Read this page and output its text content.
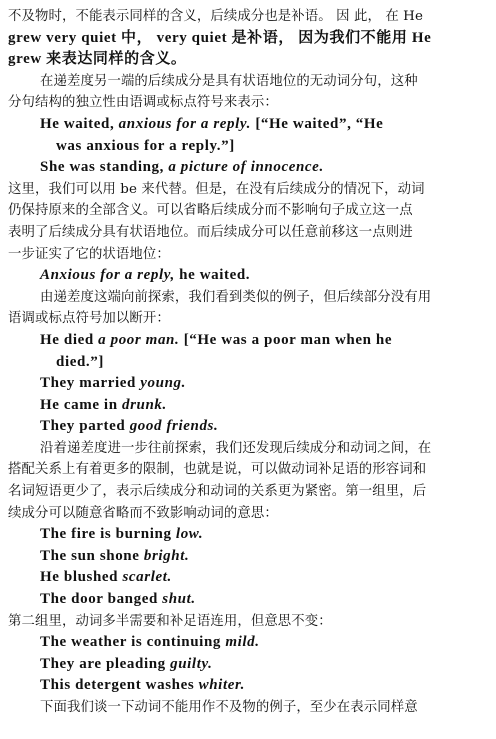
不及物时，不能表示同样的含义，后续成分也是补语。 因 此， 在 He
grew very quiet 中， very quiet 是补语， 因为我们不能用 He
grew 来表达同样的含义。
在递差度另一端的后续成分是具有状语地位的无动词分句，这种
分句结构的独立性由语调或标点符号来表示：
He waited, anxious for a reply. [“He waited”, “He
was anxious for a reply.”]
She was standing, a picture of innocence.
这里，我们可以用 be 来代替。但是，在没有后续成分的情况下，动词
仍保持原来的全部含义。可以省略后续成分而不影响句子成立这一点
表明了后续成分具有状语地位。而后续成分可以任意前移这一点则进
一步证实了它的状语地位：
Anxious for a reply, he waited.
由递差度这端向前探索，我们看到类似的例子，但后续部分没有用
语调或标点符号加以断开：
He died a poor man. [“He was a poor man when he
died.”]
They married young.
He came in drunk.
They parted good friends.
沿着递差度进一步往前探索，我们还发现后续成分和动词之间，在
搭配关系上有着更多的限制，也就是说，可以做动词补足语的形容词和
名词短语更少了，表示后续成分和动词的关系更为紧密。第一组里，后
续成分可以随意省略而不致影响动词的意思：
The fire is burning low.
The sun shone bright.
He blushed scarlet.
The door banged shut.
第二组里，动词多半需要和补足语连用，但意思不变：
The weather is continuing mild.
They are pleading guilty.
This detergent washes whiter.
下面我们谈一下动词不能用作不及物的例子，至少在表示同样意
